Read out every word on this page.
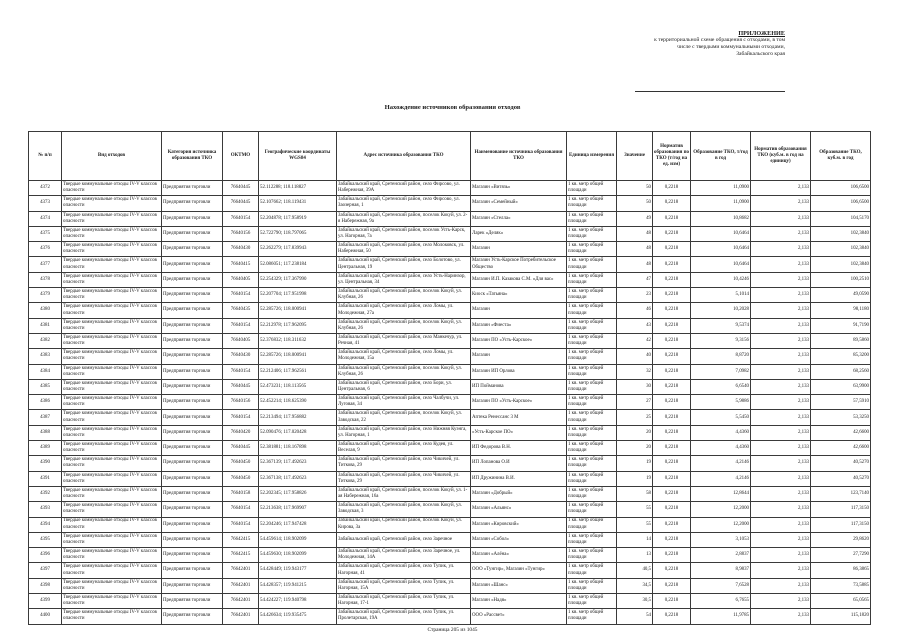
ПРИЛОЖЕНИЕ
к территориальной схеме обращения с отходами, в том
числе с твердыми коммунальными отходами,
Забайкальского края
Нахождение источников образования отходов
№ п/п	Вид отходов	Категория источника образования ТКО	ОКТМО	Географические координаты WGS84	Адрес источника образования ТКО	Наименование источника образования ТКО	Единица измерения	Значение	Норматив образования по ТКО (т/год на ед. изм)	Образование ТКО, т/год в год	Норматив образования ТКО (куб.м. в год на единицу)	Образование ТКО, куб.м. в год
4372	Твердые коммунальные отходы IV-V классов опасности	Предприятия торговли	76640445	52.112288; 118.118827	Забайкальский край, Сретенский район, село Фирсово, ул. Набережная, 39А	Магазин «Витязь»	1 кв. метр общей площади	50	0,2218	11,0900	2,133	106,6500
4373	Твердые коммунальные отходы IV-V классов опасности	Предприятия торговли	76640445	52.107662; 118.119431	Забайкальский край, Сретенский район, село Фирсово, ул. Заозерная, 1	Магазин «Семейный»	1 кв. метр общей площади	50	0,2218	11,0900	2,133	106,6500
4374	Твердые коммунальные отходы IV-V классов опасности	Предприятия торговли	76640154	52.204878; 117.958919	Забайкальский край, Сретенский район, поселок Кокуй, ул. 2-я Набережная, 9а	Магазин «Стелла»	1 кв. метр общей площади	49	0,2218	10,8682	2,133	104,5170
4375	Твердые коммунальные отходы IV-V классов опасности	Предприятия торговли	76640156	52.722790; 118.797065	Забайкальский край, Сретенский район, поселок Усть-Карск, ул. Нагорная, 7а	Ларек «Деляк»	1 кв. метр общей площади	48	0,2218	10,6464	2,133	102,3840
4376	Твердые коммунальные отходы IV-V классов опасности	Предприятия торговли	76640430	52.262279; 117.839943	Забайкальский край, Сретенский район, село Молоковск, ул. Набережная, 50	Магазин	1 кв. метр общей площади	48	0,2218	10,6464	2,133	102,3840
4377	Твердые коммунальные отходы IV-V классов опасности	Предприятия торговли	76640415	52.086051; 117.238184	Забайкальский край, Сретенский район, село Болотово, ул. Центральная, 19	Магазин Усть-Карское Потребительское Общество	1 кв. метр общей площади	48	0,2218	10,6464	2,133	102,3840
4378	Твердые коммунальные отходы IV-V классов опасности	Предприятия торговли	76640405	52.254329; 117.367990	Забайкальский край, Сретенский район, село Усть-Наринзор, ул. Центральная, 34	Магазин И.П. Казакова С.М. «Для вас»	1 кв. метр общей площади	47	0,2218	10,4246	2,133	100,2510
4379	Твердые коммунальные отходы IV-V классов опасности	Предприятия торговли	76640154	52.207704; 117.951998	Забайкальский край, Сретенский район, поселок Кокуй, ул. Клубная, 26	Киоск «Татьяна»	1 кв. метр общей площади	23	0,2218	5,1014	2,133	49,0590
4380	Твердые коммунальные отходы IV-V классов опасности	Предприятия торговли	76640435	52.285726; 118.000941	Забайкальский край, Сретенский район, село Ломы, ул. Молодежная, 27а	Магазин	1 кв. метр общей площади	46	0,2218	10,2028	2,133	98,1180
4381	Твердые коммунальные отходы IV-V классов опасности	Предприятия торговли	76640154	52.212978; 117.962095	Забайкальский край, Сретенский район, поселок Кокуй, ул. Клубная, 26	Магазин «Фиеста»	1 кв. метр общей площади	43	0,2218	9,5374	2,133	91,7190
4382	Твердые коммунальные отходы IV-V классов опасности	Предприятия торговли	76640405	52.376832; 118.311632	Забайкальский край, Сретенский район, село Манкечур, ул. Речная, 41	Магазин ПО «Усть-Карское»	1 кв. метр общей площади	42	0,2218	9,3156	2,133	89,5860
4383	Твердые коммунальные отходы IV-V классов опасности	Предприятия торговли	76640430	52.285726; 118.000941	Забайкальский край, Сретенский район, село Ломы, ул. Молодежная, 15а	Магазин	1 кв. метр общей площади	40	0,2218	8,8720	2,133	85,3200
4384	Твердые коммунальные отходы IV-V классов опасности	Предприятия торговли	76640154	52.212406; 117.962561	Забайкальский край, Сретенский район, поселок Кокуй, ул. Клубная, 26	Магазин ИП Орлова	1 кв. метр общей площади	32	0,2218	7,0982	2,133	68,2560
4385	Твердые коммунальные отходы IV-V классов опасности	Предприятия торговли	76640445	52.473231; 118.113565	Забайкальский край, Сретенский район, село Бори, ул. Центральная, 6	ИП Пойманова	1 кв. метр общей площади	30	0,2218	6,6540	2,133	63,9900
4386	Твердые коммунальные отходы IV-V классов опасности	Предприятия торговли	76640156	52.452214; 118.625390	Забайкальский край, Сретенский район, село Чалбучи, ул. Луговая, 34	Магазин ПО «Усть-Карское»	1 кв. метр общей площади	27	0,2218	5,9886	2,133	57,5910
4387	Твердые коммунальные отходы IV-V классов опасности	Предприятия торговли	76640154	52.213494; 117.956882	Забайкальский край, Сретенский район, поселок Кокуй, ул. Заводская, 22	Аптека Ренессанс 3 М	1 кв. метр общей площади	25	0,2218	5,5450	2,133	53,3250
4388	Твердые коммунальные отходы IV-V классов опасности	Предприятия торговли	76640420	52.090476; 117.020428	Забайкальский край, Сретенский район, село Нижняя Куэнга, ул. Нагорная, 1	«Усть-Карское ПО»	1 кв. метр общей площади	20	0,2218	4,4360	2,133	42,6600
4389	Твердые коммунальные отходы IV-V классов опасности	Предприятия торговли	76640445	52.381881; 118.167898	Забайкальский край, Сретенский район, село Кудея, ул. Веселая, 9	ИП Федорова В.Н.	1 кв. метр общей площади	20	0,2218	4,4360	2,133	42,6600
4390	Твердые коммунальные отходы IV-V классов опасности	Предприятия торговли	76640450	52.367139; 117.492623	Забайкальский край, Сретенский район, село Чикичей, ул. Титкова, 29	ИП Лопанова О.И	1 кв. метр общей площади	19	0,2218	4,2146	2,133	40,5270
4391	Твердые коммунальные отходы IV-V классов опасности	Предприятия торговли	76640450	52.367138; 117.492623	Забайкальский край, Сретенский район, село Чикичей, ул. Титкова, 29	ИП Дружинина В.И.	1 кв. метр общей площади	19	0,2218	4,2146	2,133	40,5270
4392	Твердые коммунальные отходы IV-V классов опасности	Предприятия торговли	76640158	52.202345; 117.958826	Забайкальский край, Сретенский район, поселок Кокуй, ул. 1-ая Набережная, 16а	Магазин «Добрый»	1 кв. метр общей площади	58	0,2218	12,8644	2,133	123,7140
4393	Твердые коммунальные отходы IV-V классов опасности	Предприятия торговли	76640154	52.213638; 117.969907	Забайкальский край, Сретенский район, поселок Кокуй, ул. Заводская, 3	Магазин «Альянс»	1 кв. метр общей площади	55	0,2218	12,2000	2,133	117,3150
4394	Твердые коммунальные отходы IV-V классов опасности	Предприятия торговли	76640154	52.204246; 117.947428	Забайкальский край, Сретенский район, поселок Кокуй, ул. Кирова, 3а	Магазин «Кировский»	1 кв. метр общей площади	55	0,2218	12,2000	2,133	117,3150
4395	Твердые коммунальные отходы IV-V классов опасности	Предприятия торговли	76642415	54.459614; 118.902099	Забайкальский край, Сретенский район, село Заречное	Магазин «Собол»	1 кв. метр общей площади	14	0,2218	3,1053	2,133	29,8620
4396	Твердые коммунальные отходы IV-V классов опасности	Предприятия торговли	76642415	54.459630; 118.902099	Забайкальский край, Сретенский район, село Заречное, ул. Молодежная, 14А	Магазин «Алёна»	1 кв. метр общей площади	13	0,2218	2,8837	2,133	27,7290
4397	Твердые коммунальные отходы IV-V классов опасности	Предприятия торговли	76642401	54.428449; 119.943177	Забайкальский край, Сретенский район, село Тупик, ул. Нагорная, 41	ООО «Тунгир», Магазин «Тунгир»	1 кв. метр общей площади	40,5	0,2218	8,9837	2,133	86,3865
4398	Твердые коммунальные отходы IV-V классов опасности	Предприятия торговли	76642401	54.428357; 119.941215	Забайкальский край, Сретенский район, село Тупик, ул. Нагорная, 15А	Магазин «Шанс»	1 кв. метр общей площади	34,5	0,2218	7,6528	2,133	73,5885
4399	Твердые коммунальные отходы IV-V классов опасности	Предприятия торговли	76642401	54.424227; 119.940798	Забайкальский край, Сретенский район, село Тупик, ул. Нагорная, 17-1	Магазин «Надя»	1 кв. метр общей площади	30,5	0,2218	6,7655	2,133	65,0565
4400	Твердые коммунальные отходы IV-V классов опасности	Предприятия торговли	76642401	54.426634; 119.935475	Забайкальский край, Сретенский район, село Тупик, ул. Пролетарская, 19А	ООО «Рассвет»	1 кв. метр общей площади	54	0,2218	11,9785	2,133	115,1820
Страница 205 из 1045
